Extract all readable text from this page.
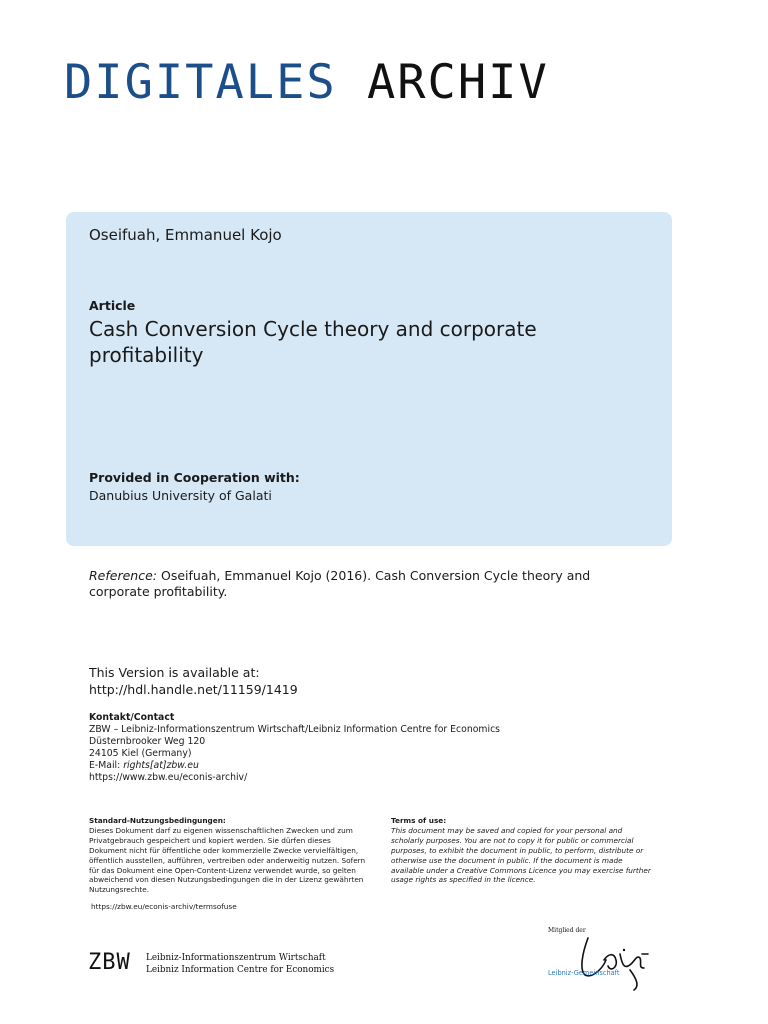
DIGITALES ARCHIV
Oseifuah, Emmanuel Kojo
Article
Cash Conversion Cycle theory and corporate profitability
Provided in Cooperation with:
Danubius University of Galati
Reference: Oseifuah, Emmanuel Kojo (2016). Cash Conversion Cycle theory and corporate profitability.
This Version is available at:
http://hdl.handle.net/11159/1419
Kontakt/Contact
ZBW – Leibniz-Informationszentrum Wirtschaft/Leibniz Information Centre for Economics
Düsternbrooker Weg 120
24105 Kiel (Germany)
E-Mail: rights[at]zbw.eu
https://www.zbw.eu/econis-archiv/
Standard-Nutzungsbedingungen:
Dieses Dokument darf zu eigenen wissenschaftlichen Zwecken und zum Privatgebrauch gespeichert und kopiert werden. Sie dürfen dieses Dokument nicht für öffentliche oder kommerzielle Zwecke vervielfältigen, öffentlich ausstellen, aufführen, vertreiben oder anderweitig nutzen. Sofern für das Dokument eine Open-Content-Lizenz verwendet wurde, so gelten abweichend von diesen Nutzungsbedingungen die in der Lizenz gewährten Nutzungsrechte.
Terms of use:
This document may be saved and copied for your personal and scholarly purposes. You are not to copy it for public or commercial purposes, to exhibit the document in public, to perform, distribute or otherwise use the document in public. If the document is made available under a Creative Commons Licence you may exercise further usage rights as specified in the licence.
https://zbw.eu/econis-archiv/termsofuse
ZBW Leibniz-Informationszentrum Wirtschaft
Leibniz Information Centre for Economics
Mitglied der
Leibniz-Gemeinschaft
